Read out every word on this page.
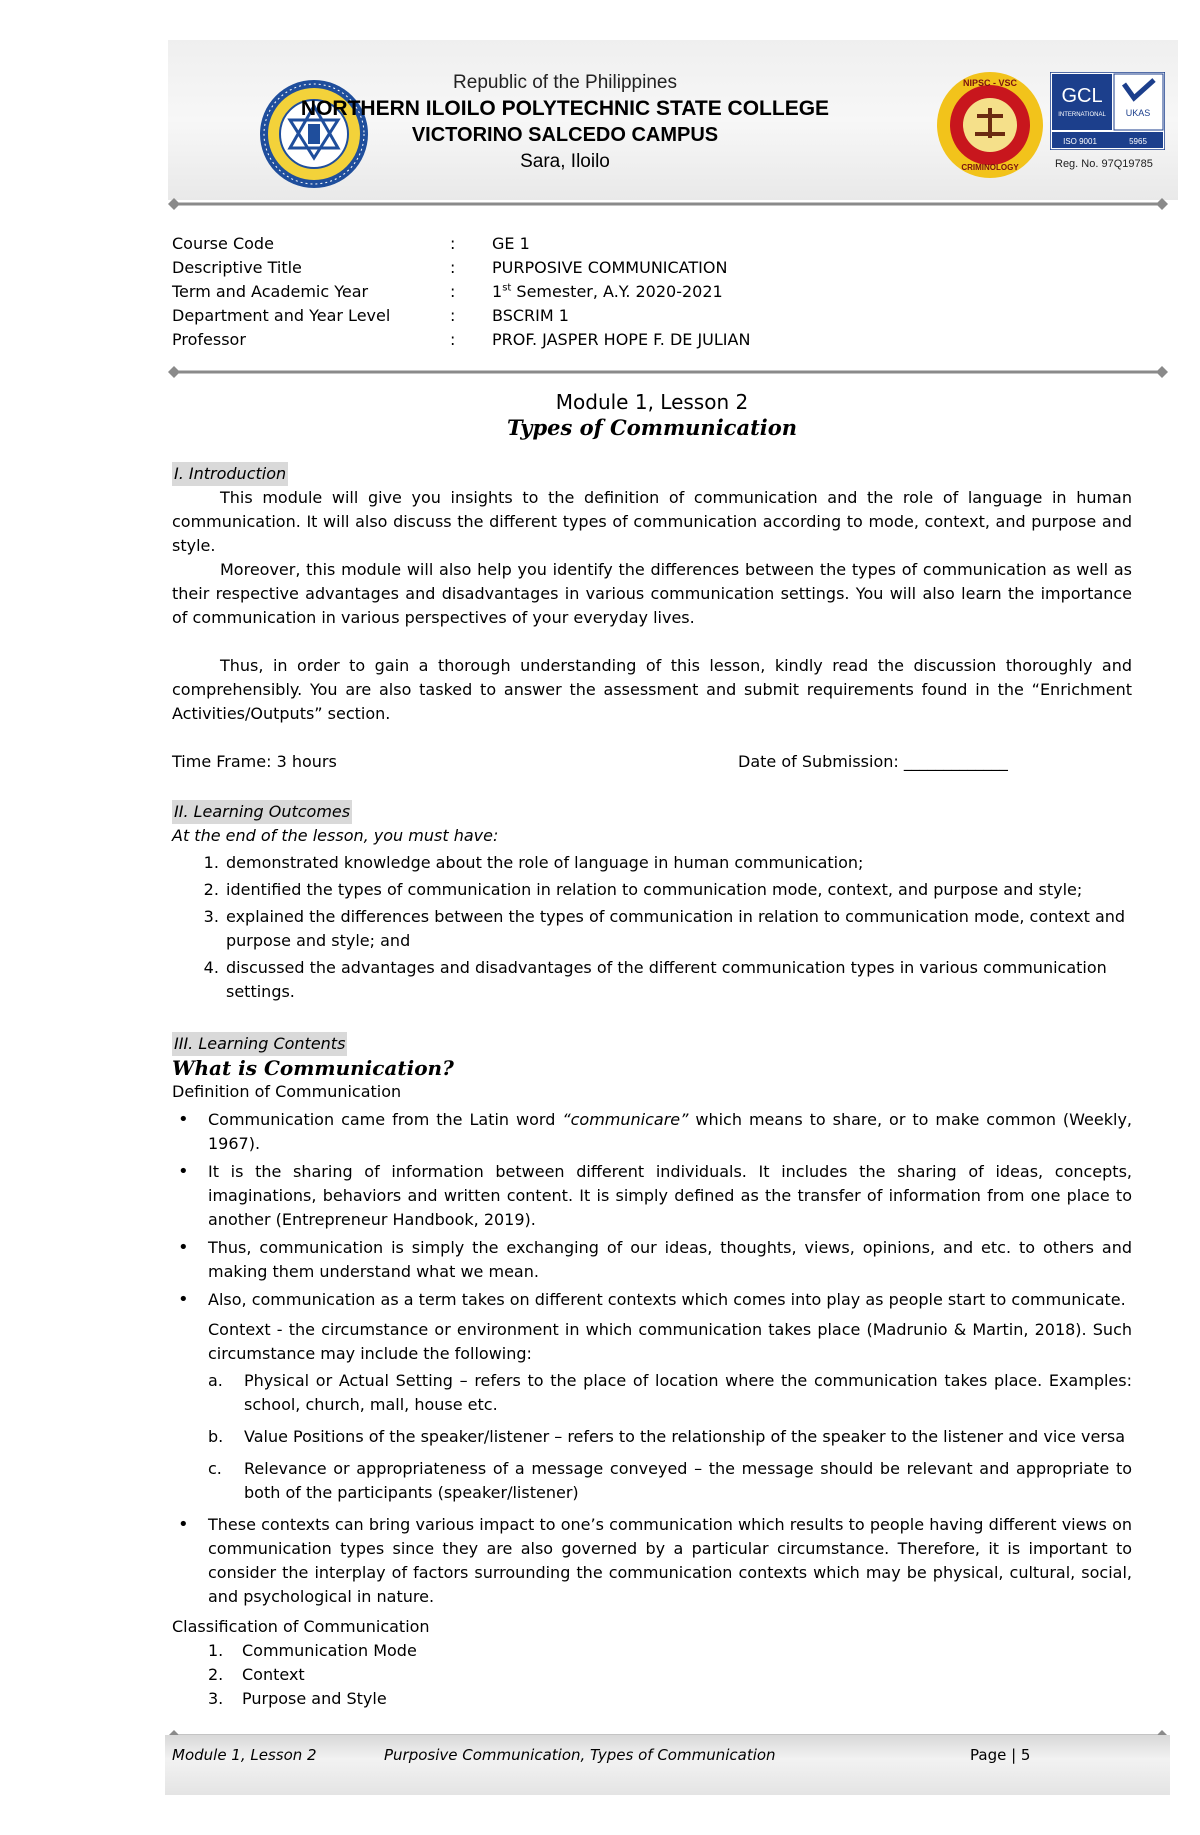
Republic of the Philippines
NORTHERN ILOILO POLYTECHNIC STATE COLLEGE
VICTORINO SALCEDO CAMPUS
Sara, Iloilo
NIPSC - VSC
CRIMINOLOGY
GCL
INTERNATIONAL UKAS
ISO 9001	5965
Reg. No. 97Q19785
Course Code	: GE 1
Descriptive Title	: PURPOSIVE COMMUNICATION
Term and Academic Year	: 1st Semester, A.Y. 2020-2021
Department and Year Level	: BSCRIM 1
Professor	: PROF. JASPER HOPE F. DE JULIAN
Module 1, Lesson 2
Types of Communication
I. Introduction

This module will give you insights to the definition of communication and the role of language in human communication. It will also discuss the different types of communication according to mode, context, and purpose and style.

Moreover, this module will also help you identify the differences between the types of communication as well as their respective advantages and disadvantages in various communication settings. You will also learn the importance of communication in various perspectives of your everyday lives.

Thus, in order to gain a thorough understanding of this lesson, kindly read the discussion thoroughly and comprehensibly. You are also tasked to answer the assessment and submit requirements found in the “Enrichment Activities/Outputs” section.

Time Frame: 3 hours	Date of Submission: _____________
II. Learning Outcomes
At the end of the lesson, you must have:
1. demonstrated knowledge about the role of language in human communication;
2. identified the types of communication in relation to communication mode, context, and purpose and style;
3. explained the differences between the types of communication in relation to communication mode, context and purpose and style; and
4. discussed the advantages and disadvantages of the different communication types in various communication settings.
III. Learning Contents
What is Communication?
Definition of Communication
• Communication came from the Latin word “communicare” which means to share, or to make common (Weekly, 1967).
• It is the sharing of information between different individuals. It includes the sharing of ideas, concepts, imaginations, behaviors and written content. It is simply defined as the transfer of information from one place to another (Entrepreneur Handbook, 2019).
• Thus, communication is simply the exchanging of our ideas, thoughts, views, opinions, and etc. to others and making them understand what we mean.
• Also, communication as a term takes on different contexts which comes into play as people start to communicate.

Context - the circumstance or environment in which communication takes place (Madrunio & Martin, 2018). Such circumstance may include the following:

a. Physical or Actual Setting – refers to the place of location where the communication takes place. Examples: school, church, mall, house etc.
b. Value Positions of the speaker/listener – refers to the relationship of the speaker to the listener and vice versa
c. Relevance or appropriateness of a message conveyed – the message should be relevant and appropriate to both of the participants (speaker/listener)
• These contexts can bring various impact to one’s communication which results to people having different views on communication types since they are also governed by a particular circumstance. Therefore, it is important to consider the interplay of factors surrounding the communication contexts which may be physical, cultural, social, and psychological in nature.
Classification of Communication
1. Communication Mode
2. Context
3. Purpose and Style
Module 1, Lesson 2	Purposive Communication, Types of Communication	Page | 5
